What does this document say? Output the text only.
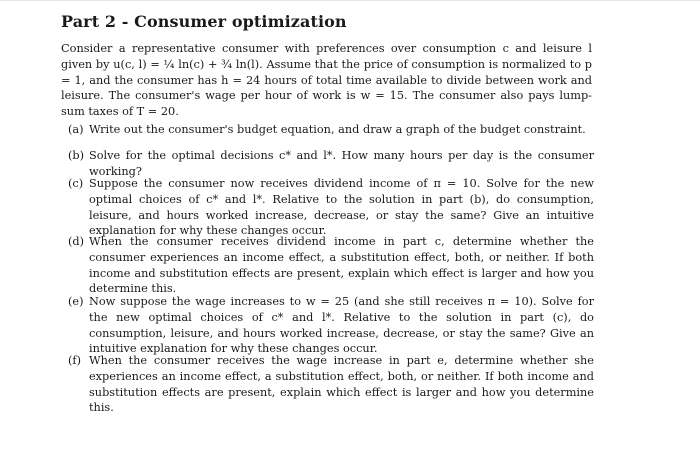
Part 2 - Consumer optimization

Consider a representative consumer with preferences over consumption c and leisure l given by u(c, l) = ¼ ln(c) + ¾ ln(l). Assume that the price of consumption is normalized to p = 1, and the consumer has h = 24 hours of total time available to divide between work and leisure. The consumer's wage per hour of work is w = 15. The consumer also pays lump-sum taxes of T = 20.

(a) Write out the consumer's budget equation, and draw a graph of the budget constraint.
(b) Solve for the optimal decisions c* and l*. How many hours per day is the consumer working?
(c) Suppose the consumer now receives dividend income of π = 10. Solve for the new optimal choices of c* and l*. Relative to the solution in part (b), do consumption, leisure, and hours worked increase, decrease, or stay the same? Give an intuitive explanation for why these changes occur.
(d) When the consumer receives dividend income in part c, determine whether the consumer experiences an income effect, a substitution effect, both, or neither. If both income and substitution effects are present, explain which effect is larger and how you determine this.
(e) Now suppose the wage increases to w = 25 (and she still receives π = 10). Solve for the new optimal choices of c* and l*. Relative to the solution in part (c), do consumption, leisure, and hours worked increase, decrease, or stay the same? Give an intuitive explanation for why these changes occur.
(f) When the consumer receives the wage increase in part e, determine whether she experiences an income effect, a substitution effect, both, or neither. If both income and substitution effects are present, explain which effect is larger and how you determine this.
